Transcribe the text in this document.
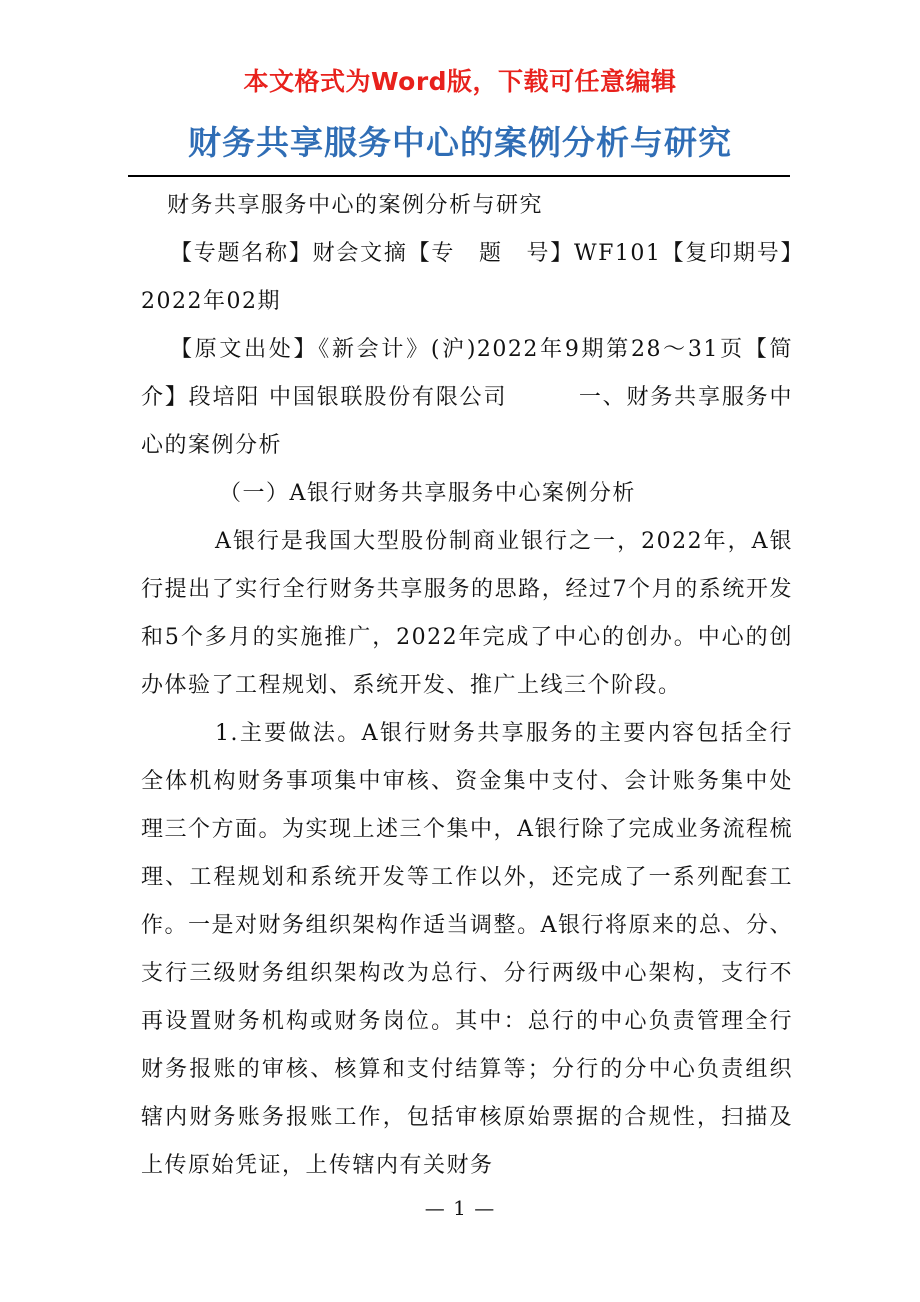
本文格式为Word版，下载可任意编辑
财务共享服务中心的案例分析与研究

财务共享服务中心的案例分析与研究

【专题名称】财会文摘【专　题　号】WF101【复印期号】2022年02期

【原文出处】《新会计》(沪)2022年9期第28～31页【简介】段培阳 中国银联股份有限公司　　　一、财务共享服务中心的案例分析

（一）A银行财务共享服务中心案例分析

A银行是我国大型股份制商业银行之一，2022年，A银行提出了实行全行财务共享服务的思路，经过7个月的系统开发和5个多月的实施推广，2022年完成了中心的创办。中心的创办体验了工程规划、系统开发、推广上线三个阶段。

1.主要做法。A银行财务共享服务的主要内容包括全行全体机构财务事项集中审核、资金集中支付、会计账务集中处理三个方面。为实现上述三个集中，A银行除了完成业务流程梳理、工程规划和系统开发等工作以外，还完成了一系列配套工作。一是对财务组织架构作适当调整。A银行将原来的总、分、支行三级财务组织架构改为总行、分行两级中心架构，支行不再设置财务机构或财务岗位。其中：总行的中心负责管理全行财务报账的审核、核算和支付结算等；分行的分中心负责组织辖内财务账务报账工作，包括审核原始票据的合规性，扫描及上传原始凭证，上传辖内有关财务

— 1 —
